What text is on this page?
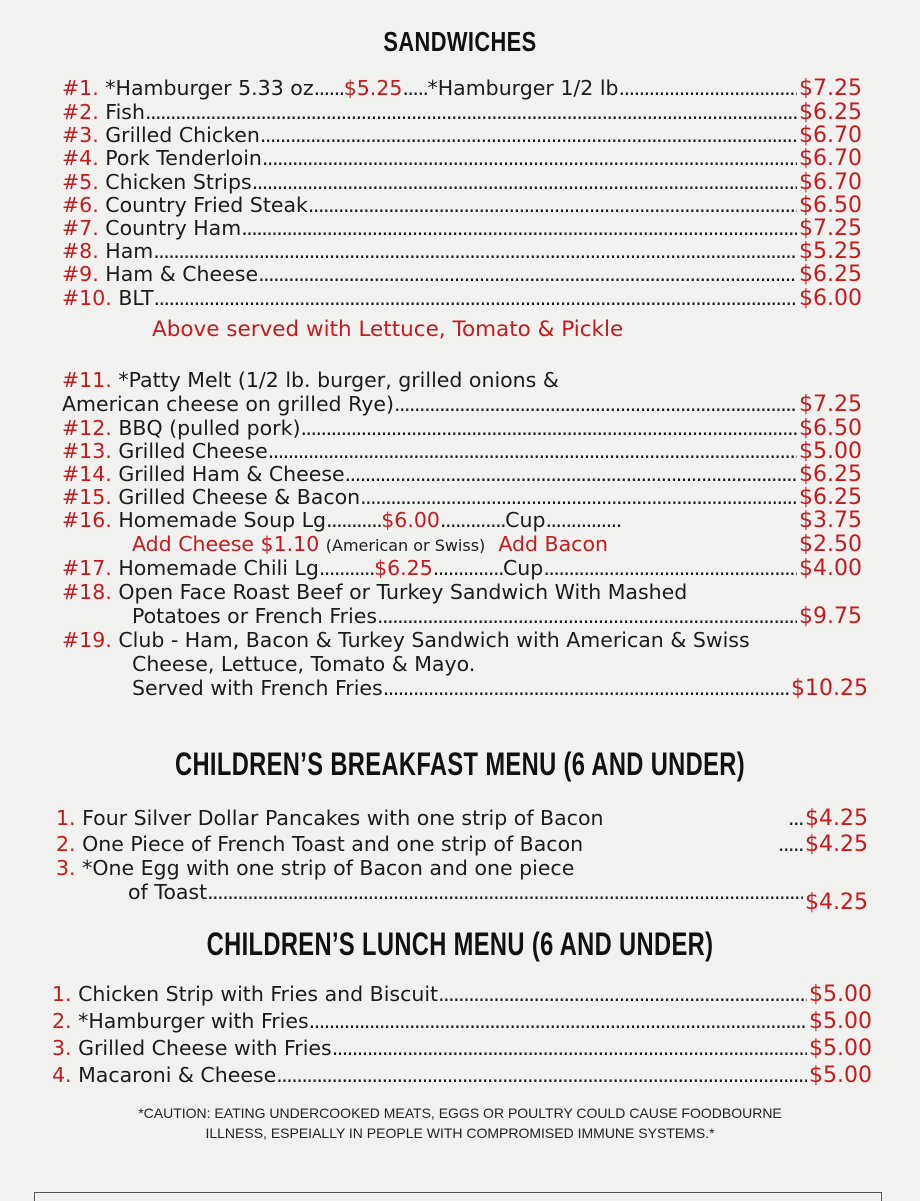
SANDWICHES
#1.
*Hamburger 5.33 oz ...... $5.25 ..... *Hamburger 1/2 lb .....	$7.25
#2.
Fish .....	$6.25
#3.
Grilled Chicken .....	$6.70
#4.
Pork Tenderloin .....	$6.70
#5.
Chicken Strips .....	$6.70
#6.
Country Fried Steak .....	$6.50
#7.
Country Ham .....	$7.25
#8.
Ham .....	$5.25
#9.
Ham & Cheese .....	$6.25
#10.
BLT .....	$6.00
Above served with Lettuce, Tomato & Pickle
#11.
*Patty Melt (1/2 lb. burger, grilled onions &
American cheese on grilled Rye) .....	$7.25
#12.
BBQ (pulled pork) .....	$6.50
#13.
Grilled Cheese .....	$5.00
#14.
Grilled Ham & Cheese .....	$6.25
#15.
Grilled Cheese & Bacon .....	$6.25
#16.
Homemade Soup Lg ........... $6.00 ............. Cup ...............	$3.75
Add Cheese $1.10
(American or Swiss)
Add Bacon	$2.50
#17.
Homemade Chili Lg ........... $6.25 .............. Cup .....	$4.00
#18.
Open Face Roast Beef or Turkey Sandwich With Mashed
Potatoes or French Fries .....	$9.75
#19.
Club - Ham, Bacon & Turkey Sandwich with American & Swiss
Cheese, Lettuce, Tomato & Mayo.
Served with French Fries .....	$10.25
CHILDREN’S BREAKFAST MENU (6 AND UNDER)
1.
Four Silver Dollar Pancakes with one strip of Bacon	... $4.25
2.
One Piece of French Toast and one strip of Bacon	..... $4.25
3.
*One Egg with one strip of Bacon and one piece
of Toast .....	$4.25
CHILDREN’S LUNCH MENU (6 AND UNDER)
1.
Chicken Strip with Fries and Biscuit .....	$5.00
2.
*Hamburger with Fries .....	$5.00
3.
Grilled Cheese with Fries .....	$5.00
4.
Macaroni & Cheese .....	$5.00
*CAUTION: EATING UNDERCOOKED MEATS, EGGS OR POULTRY COULD CAUSE FOODBOURNE
ILLNESS, ESPEIALLY IN PEOPLE WITH COMPROMISED IMMUNE SYSTEMS.*
